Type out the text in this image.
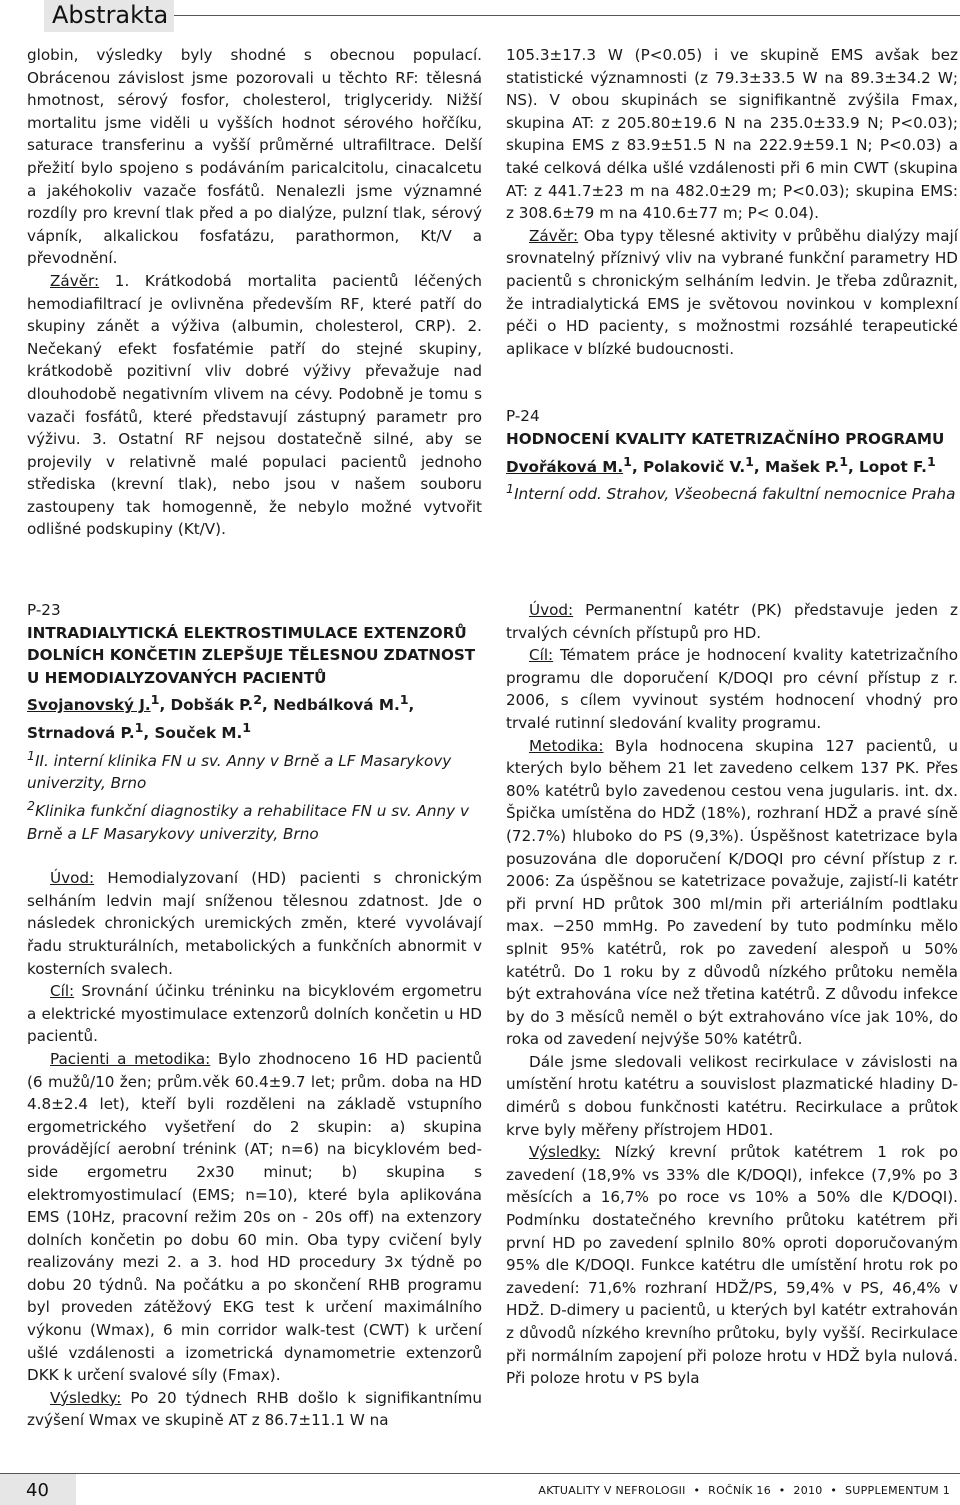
Abstrakta

globin, výsledky byly shodné s obecnou populací. Obrácenou závislost jsme pozorovali u těchto RF: tělesná hmotnost, sérový fosfor, cholesterol, triglyceridy. Nižší mortalitu jsme viděli u vyšších hodnot sérového hořčíku, saturace transferinu a vyšší průměrné ultrafiltrace. Delší přežití bylo spojeno s podáváním paricalcitolu, cinacalcetu a jakéhokoliv vazače fosfátů. Nenalezli jsme významné rozdíly pro krevní tlak před a po dialýze, pulzní tlak, sérový vápník, alkalickou fosfatázu, parathormon, Kt/V a převodnění.

Závěr: 1. Krátkodobá mortalita pacientů léčených hemodiafiltrací je ovlivněna především RF, které patří do skupiny zánět a výživa (albumin, cholesterol, CRP). 2. Nečekaný efekt fosfatémie patří do stejné skupiny, krátkodobě pozitivní vliv dobré výživy převažuje nad dlouhodobě negativním vlivem na cévy. Podobně je tomu s vazači fosfátů, které představují zástupný parametr pro výživu. 3. Ostatní RF nejsou dostatečně silné, aby se projevily v relativně malé populaci pacientů jednoho střediska (krevní tlak), nebo jsou v našem souboru zastoupeny tak homogenně, že nebylo možné vytvořit odlišné podskupiny (Kt/V).

105.3±17.3 W (P<0.05) i ve skupině EMS avšak bez statistické významnosti (z 79.3±33.5 W na 89.3±34.2 W; NS). V obou skupinách se signifikantně zvýšila Fmax, skupina AT: z 205.80±19.6 N na 235.0±33.9 N; P<0.03); skupina EMS z 83.9±51.5 N na 222.9±59.1 N; P<0.03) a také celková délka ušlé vzdálenosti při 6 min CWT (skupina AT: z 441.7±23 m na 482.0±29 m; P<0.03); skupina EMS: z 308.6±79 m na 410.6±77 m; P< 0.04).

Závěr: Oba typy tělesné aktivity v průběhu dialýzy mají srovnatelný příznivý vliv na vybrané funkční parametry HD pacientů s chronickým selháním ledvin. Je třeba zdůraznit, že intradialytická EMS je světovou novinkou v komplexní péči o HD pacienty, s možnostmi rozsáhlé terapeutické aplikace v blízké budoucnosti.

P-24

HODNOCENÍ KVALITY KATETRIZAČNÍHO PROGRAMU

Dvořáková M.$^1$, Polakovič V.$^1$, Mašek P.$^1$, Lopot F.$^1$

$^1$Interní odd. Strahov, Všeobecná fakultní nemocnice Praha

P-23

INTRADIALYTICKÁ ELEKTROSTIMULACE EXTENZORŮ DOLNÍCH KONČETIN ZLEPŠUJE TĚLESNOU ZDATNOST U HEMODIALYZOVANÝCH PACIENTŮ

Svojanovský J.$^1$, Dobšák P.$^2$, Nedbálková M.$^1$, Strnadová P.$^1$, Souček M.$^1$

$^1$II. interní klinika FN u sv. Anny v Brně a LF Masarykovy univerzity, Brno

$^2$Klinika funkční diagnostiky a rehabilitace FN u sv. Anny v Brně a LF Masarykovy univerzity, Brno

Úvod: Hemodialyzovaní (HD) pacienti s chronickým selháním ledvin mají sníženou tělesnou zdatnost. Jde o následek chronických uremických změn, které vyvolávají řadu strukturálních, metabolických a funkčních abnormit v kosterních svalech.

Cíl: Srovnání účinku tréninku na bicyklovém ergometru a elektrické myostimulace extenzorů dolních končetin u HD pacientů.

Pacienti a metodika: Bylo zhodnoceno 16 HD pacientů (6 mužů/10 žen; prům.věk 60.4±9.7 let; prům. doba na HD 4.8±2.4 let), kteří byli rozděleni na základě vstupního ergometrického vyšetření do 2 skupin: a) skupina provádějící aerobní trénink (AT; n=6) na bicyklovém bed-side ergometru 2x30 minut; b) skupina s elektromyostimulací (EMS; n=10), které byla aplikována EMS (10Hz, pracovní režim 20s on - 20s off) na extenzory dolních končetin po dobu 60 min. Oba typy cvičení byly realizovány mezi 2. a 3. hod HD procedury 3x týdně po dobu 20 týdnů. Na počátku a po skončení RHB programu byl proveden zátěžový EKG test k určení maximálního výkonu (Wmax), 6 min corridor walk-test (CWT) k určení ušlé vzdálenosti a izometrická dynamometrie extenzorů DKK k určení svalové síly (Fmax).

Výsledky: Po 20 týdnech RHB došlo k signifikantnímu zvýšení Wmax ve skupině AT z 86.7±11.1 W na

Úvod: Permanentní katétr (PK) představuje jeden z trvalých cévních přístupů pro HD.

Cíl: Tématem práce je hodnocení kvality katetrizačního programu dle doporučení K/DOQI pro cévní přístup z r. 2006, s cílem vyvinout systém hodnocení vhodný pro trvalé rutinní sledování kvality programu.

Metodika: Byla hodnocena skupina 127 pacientů, u kterých bylo během 21 let zavedeno celkem 137 PK. Přes 80% katétrů bylo zavedenou cestou vena jugularis. int. dx. Špička umístěna do HDŽ (18%), rozhraní HDŽ a pravé síně (72.7%) hluboko do PS (9,3%). Úspěšnost katetrizace byla posuzována dle doporučení K/DOQI pro cévní přístup z r. 2006: Za úspěšnou se katetrizace považuje, zajistí-li katétr při první HD průtok 300 ml/min při arteriálním podtlaku max. −250 mmHg. Po zavedení by tuto podmínku mělo splnit 95% katétrů, rok po zavedení alespoň u 50% katétrů. Do 1 roku by z důvodů nízkého průtoku neměla být extrahována více než třetina katétrů. Z důvodu infekce by do 3 měsíců neměl o být extrahováno více jak 10%, do roka od zavedení nejvýše 50% katétrů.

Dále jsme sledovali velikost recirkulace v závislosti na umístění hrotu katétru a souvislost plazmatické hladiny D-dimérů s dobou funkčnosti katétru. Recirkulace a průtok krve byly měřeny přístrojem HD01.

Výsledky: Nízký krevní průtok katétrem 1 rok po zavedení (18,9% vs 33% dle K/DOQI), infekce (7,9% po 3 měsících a 16,7% po roce vs 10% a 50% dle K/DOQI). Podmínku dostatečného krevního průtoku katétrem při první HD po zavedení splnilo 80% oproti doporučovaným 95% dle K/DOQI. Funkce katétru dle umístění hrotu rok po zavedení: 71,6% rozhraní HDŽ/PS, 59,4% v PS, 46,4% v HDŽ. D-dimery u pacientů, u kterých byl katétr extrahován z důvodů nízkého krevního průtoku, byly vyšší. Recirkulace při normálním zapojení při poloze hrotu v HDŽ byla nulová. Při poloze hrotu v PS byla

40	AKTUALITY V NEFROLOGII • ROČNÍK 16 • 2010 • SUPPLEMENTUM 1
